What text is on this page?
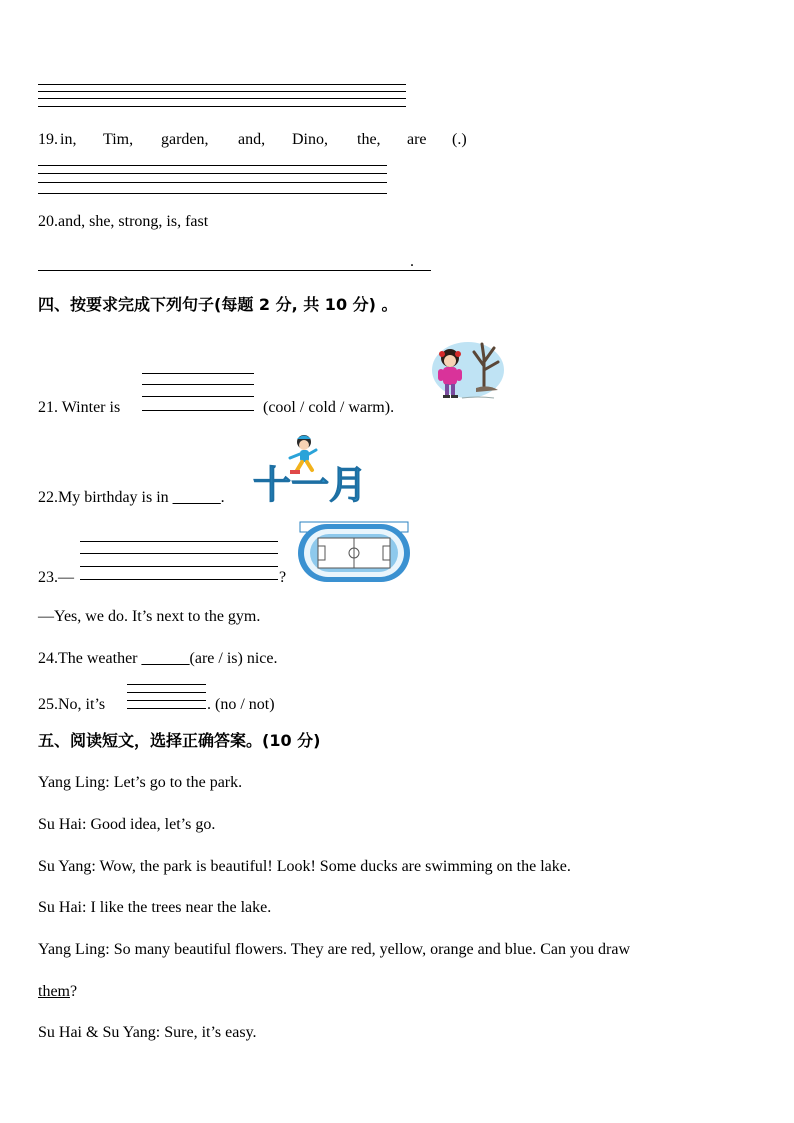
19. in, Tim, garden, and, Dino, the, are (.)
20.and, she, strong, is, fast
.
四、按要求完成下列句子(每题 2 分, 共 10 分) 。
21. Winter is	(cool / cold / warm).
22.My birthday is in ______. 十一月
23.—	?
—Yes, we do. It’s next to the gym.
24.The weather ______(are / is) nice.
25.No, it’s	. (no / not)
五、阅读短文，选择正确答案。(10 分)
Yang Ling: Let’s go to the park.
Su Hai: Good idea, let’s go.
Su Yang: Wow, the park is beautiful! Look! Some ducks are swimming on the lake.
Su Hai: I like the trees near the lake.
Yang Ling: So many beautiful flowers. They are red, yellow, orange and blue. Can you draw
them?
Su Hai & Su Yang: Sure, it’s easy.
